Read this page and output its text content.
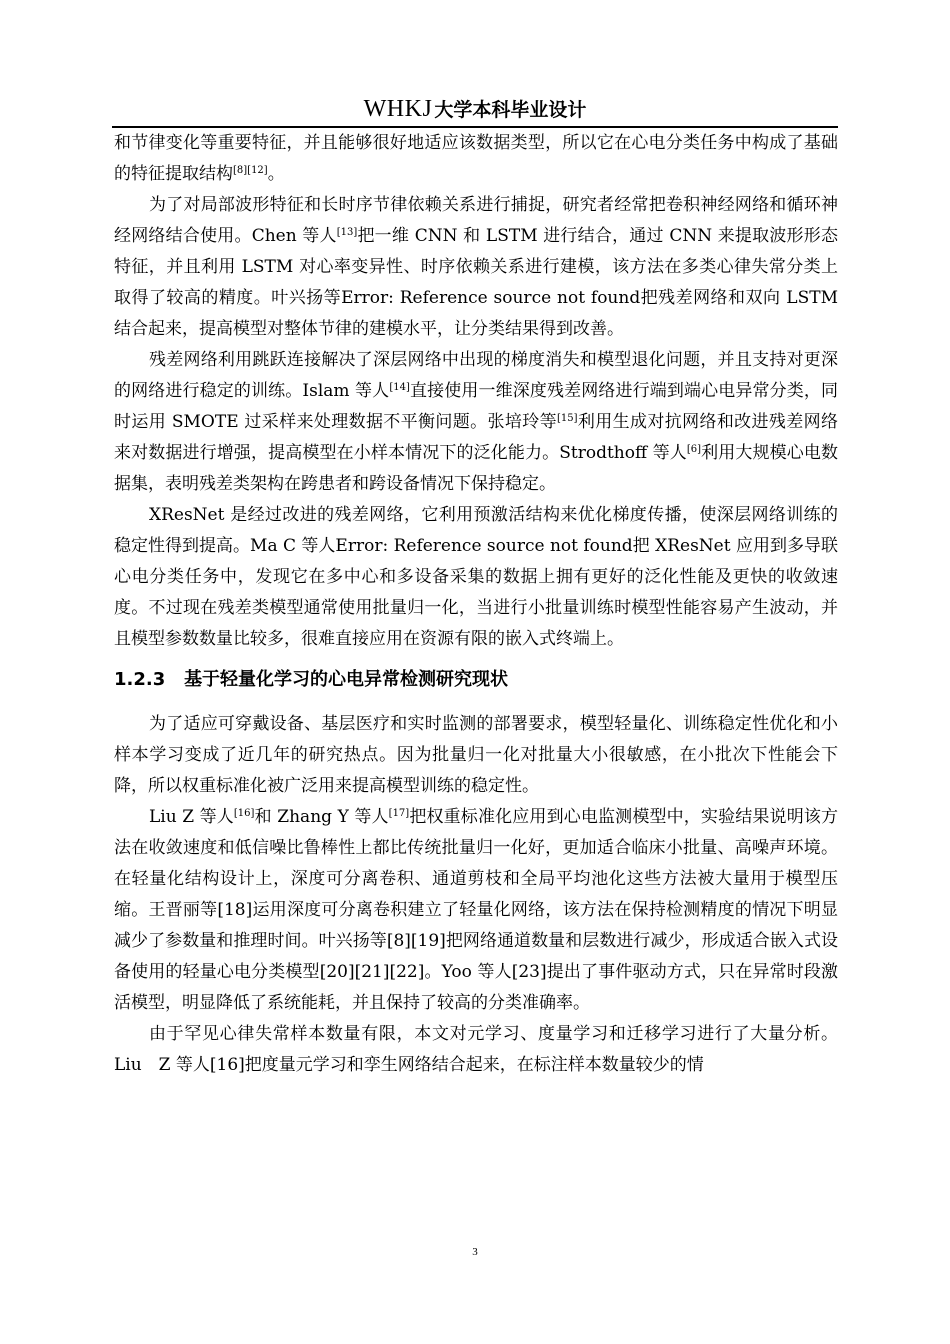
WHKJ 大学本科毕业设计

和节律变化等重要特征，并且能够很好地适应该数据类型，所以它在心电分类任务中构成了基础的特征提取结构[8][12]。

为了对局部波形特征和长时序节律依赖关系进行捕捉，研究者经常把卷积神经网络和循环神经网络结合使用。Chen 等人[13]把一维 CNN 和 LSTM 进行结合，通过 CNN 来提取波形形态特征，并且利用 LSTM 对心率变异性、时序依赖关系进行建模，该方法在多类心律失常分类上取得了较高的精度。叶兴扬等Error: Reference source not found把残差网络和双向 LSTM 结合起来，提高模型对整体节律的建模水平，让分类结果得到改善。

残差网络利用跳跃连接解决了深层网络中出现的梯度消失和模型退化问题，并且支持对更深的网络进行稳定的训练。Islam 等人[14]直接使用一维深度残差网络进行端到端心电异常分类，同时运用 SMOTE 过采样来处理数据不平衡问题。张培玲等[15]利用生成对抗网络和改进残差网络来对数据进行增强，提高模型在小样本情况下的泛化能力。Strodthoff 等人[6]利用大规模心电数据集，表明残差类架构在跨患者和跨设备情况下保持稳定。

XResNet 是经过改进的残差网络，它利用预激活结构来优化梯度传播，使深层网络训练的稳定性得到提高。Ma C 等人Error: Reference source not found把 XResNet 应用到多导联心电分类任务中，发现它在多中心和多设备采集的数据上拥有更好的泛化性能及更快的收敛速度。不过现在残差类模型通常使用批量归一化，当进行小批量训练时模型性能容易产生波动，并且模型参数数量比较多，很难直接应用在资源有限的嵌入式终端上。

1.2.3 基于轻量化学习的心电异常检测研究现状

为了适应可穿戴设备、基层医疗和实时监测的部署要求，模型轻量化、训练稳定性优化和小样本学习变成了近几年的研究热点。因为批量归一化对批量大小很敏感，在小批次下性能会下降，所以权重标准化被广泛用来提高模型训练的稳定性。

Liu Z 等人[16]和 Zhang Y 等人[17]把权重标准化应用到心电监测模型中，实验结果说明该方法在收敛速度和低信噪比鲁棒性上都比传统批量归一化好，更加适合临床小批量、高噪声环境。在轻量化结构设计上，深度可分离卷积、通道剪枝和全局平均池化这些方法被大量用于模型压缩。王晋丽等[18]运用深度可分离卷积建立了轻量化网络，该方法在保持检测精度的情况下明显减少了参数量和推理时间。叶兴扬等[8][19]把网络通道数量和层数进行减少，形成适合嵌入式设备使用的轻量心电分类模型[20][21][22]。Yoo 等人[23]提出了事件驱动方式，只在异常时段激活模型，明显降低了系统能耗，并且保持了较高的分类准确率。

由于罕见心律失常样本数量有限，本文对元学习、度量学习和迁移学习进行了大量分析。Liu　Z 等人[16]把度量元学习和孪生网络结合起来，在标注样本数量较少的情

3
